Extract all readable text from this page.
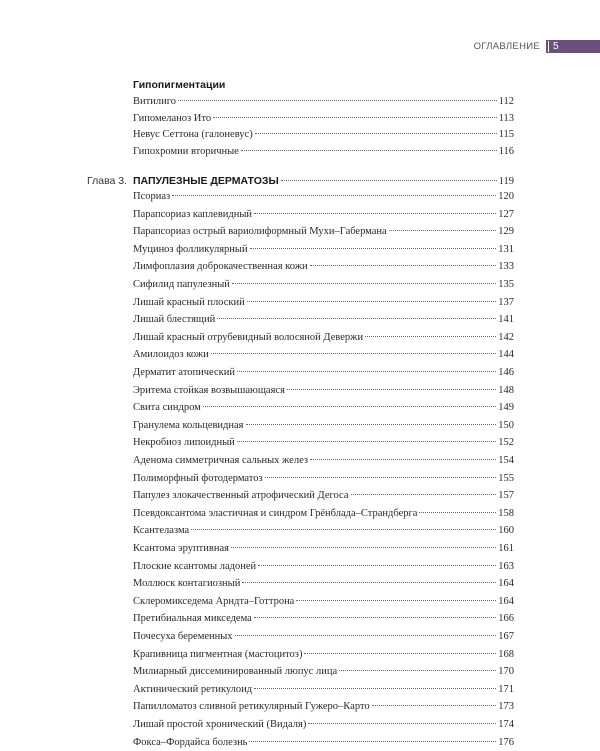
ОГЛАВЛЕНИЕ	5
Гипопигментации
Витилиго	112
Гипомеланоз Ито	113
Невус Сеттона (галоневус)	115
Гипохромии вторичные	116
Глава 3. ПАПУЛЕЗНЫЕ ДЕРМАТОЗЫ	119
Псориаз	120
Парапсориаз каплевидный	127
Парапсориаз острый вариолиформный Мухи–Габермана	129
Муциноз фолликулярный	131
Лимфоплазия доброкачественная кожи	133
Сифилид папулезный	135
Лишай красный плоский	137
Лишай блестящий	141
Лишай красный отрубевидный волосяной Девержи	142
Амилоидоз кожи	144
Дерматит атопический	146
Эритема стойкая возвышающаяся	148
Свита синдром	149
Гранулема кольцевидная	150
Некробиоз липоидный	152
Аденома симметричная сальных желез	154
Полиморфный фотодерматоз	155
Папулез злокачественный атрофический Дегоса	157
Псевдоксантома эластичная и синдром Грёнблада–Страндберга	158
Ксантелазма	160
Ксантома эруптивная	161
Плоские ксантомы ладоней	163
Моллюск контагиозный	164
Склеромикседема Арндта–Готтрона	164
Претибиальная микседема	166
Почесуха беременных	167
Крапивница пигментная (мастоцитоз)	168
Милиарный диссеминированный люпус лица	170
Актинический ретикулоид	171
Папилломатоз сливной ретикулярный Гужеро–Карто	173
Лишай простой хронический (Видаля)	174
Фокса–Фордайса болезнь	176
